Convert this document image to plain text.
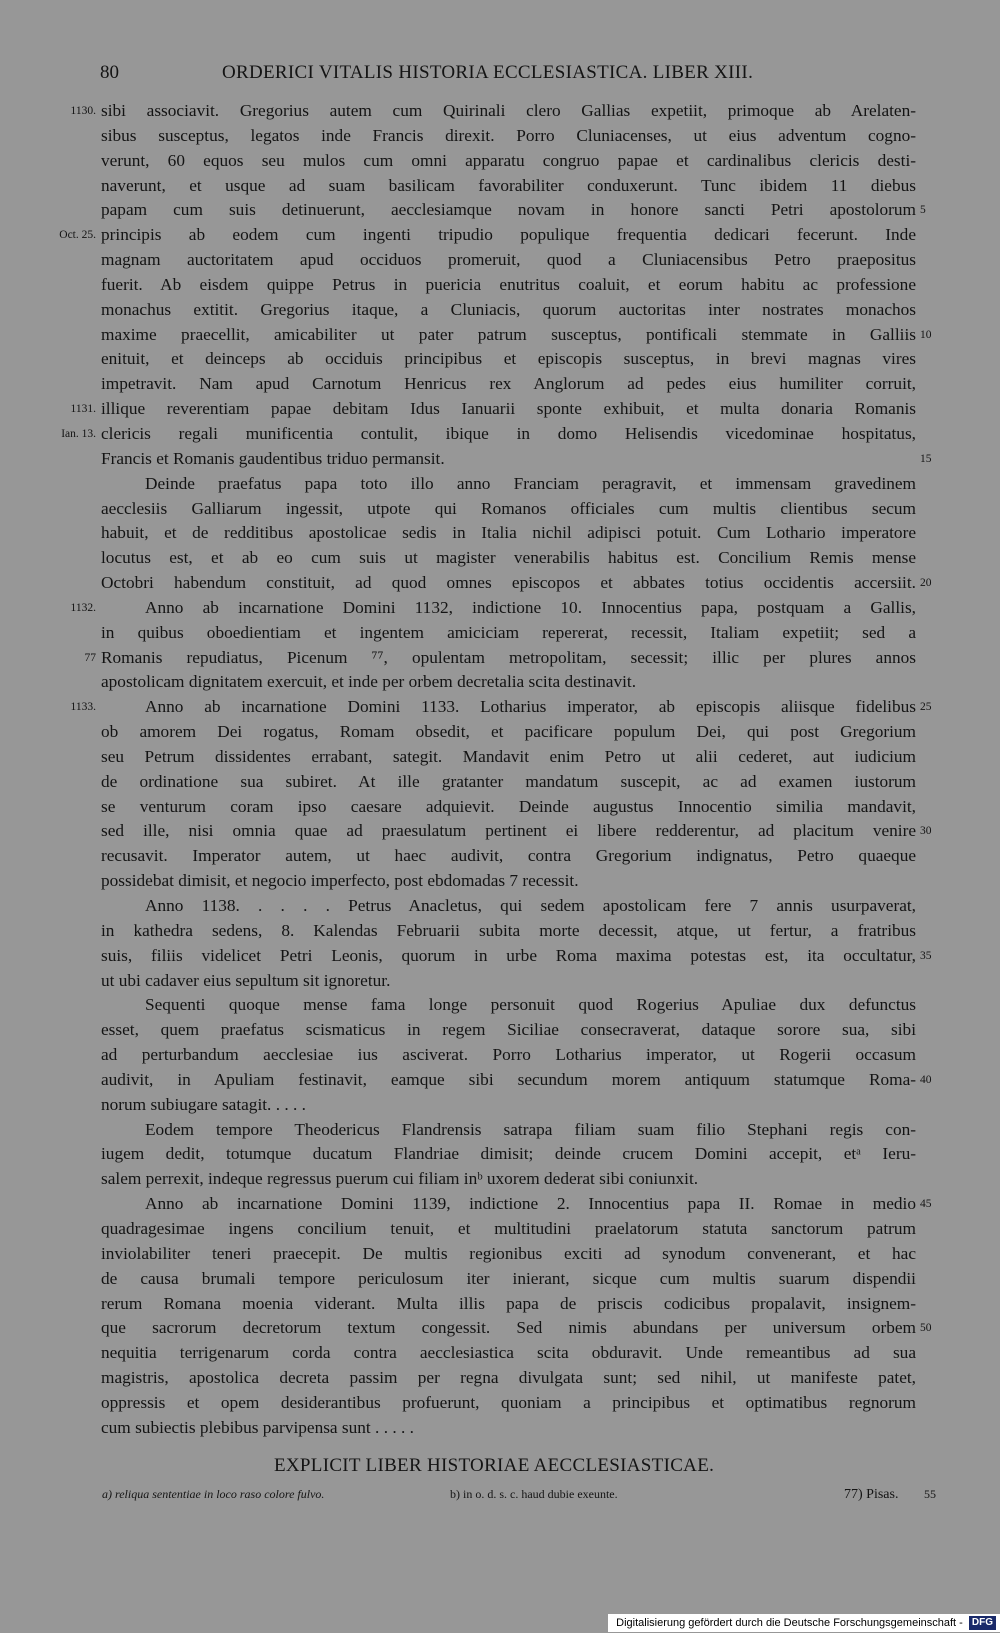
80	ORDERICI VITALIS HISTORIA ECCLESIASTICA. LIBER XIII.
1130. sibi associavit. Gregorius autem cum Quirinali clero Gallias expetiit, primoque ab Arelaten-
sibus susceptus, legatos inde Francis direxit. Porro Cluniacenses, ut eius adventum cogno-
verunt, 60 equos seu mulos cum omni apparatu congruo papae et cardinalibus clericis desti-
naverunt, et usque ad suam basilicam favorabiliter conduxerunt. Tunc ibidem 11 diebus
papam cum suis detinuerunt, aecclesiamque novam in honore sancti Petri apostolorum 5
Oct. 25. principis ab eodem cum ingenti tripudio populique frequentia dedicari fecerunt. Inde
magnam auctoritatem apud occiduos promeruit, quod a Cluniacensibus Petro praepositus
fuerit. Ab eisdem quippe Petrus in puericia enutritus coaluit, et eorum habitu ac professione
monachus extitit. Gregorius itaque, a Cluniacis, quorum auctoritas inter nostrates monachos
maxime praecellit, amicabiliter ut pater patrum susceptus, pontificali stemmate in Galliis 10
enituit, et deinceps ab occiduis principibus et episcopis susceptus, in brevi magnas vires
impetravit. Nam apud Carnotum Henricus rex Anglorum ad pedes eius humiliter corruit,
1131. illique reverentiam papae debitam Idus Ianuarii sponte exhibuit, et multa donaria Romanis
Ian. 13. clericis regali munificentia contulit, ibique in domo Helisendis vicedominae hospitatus,
Francis et Romanis gaudentibus triduo permansit.	15
Deinde praefatus papa toto illo anno Franciam peragravit, et immensam gravedinem
aecclesiis Galliarum ingessit, utpote qui Romanos officiales cum multis clientibus secum
habuit, et de redditibus apostolicae sedis in Italia nichil adipisci potuit. Cum Lothario imperatore
locutus est, et ab eo cum suis ut magister venerabilis habitus est. Concilium Remis mense
Octobri habendum constituit, ad quod omnes episcopos et abbates totius occidentis accersiit. 20
1132.	Anno ab incarnatione Domini 1132, indictione 10. Innocentius papa, postquam a Gallis,
in quibus oboedientiam et ingentem amiciciam repererat, recessit, Italiam expetiit; sed a
77 Romanis repudiatus, Picenum ⁷⁷, opulentam metropolitam, secessit; illic per plures annos
apostolicam dignitatem exercuit, et inde per orbem decretalia scita destinavit.
1133.	Anno ab incarnatione Domini 1133. Lotharius imperator, ab episcopis aliisque fidelibus 25
ob amorem Dei rogatus, Romam obsedit, et pacificare populum Dei, qui post Gregorium
seu Petrum dissidentes errabant, sategit. Mandavit enim Petro ut alii cederet, aut iudicium
de ordinatione sua subiret. At ille gratanter mandatum suscepit, ac ad examen iustorum
se venturum coram ipso caesare adquievit. Deinde augustus Innocentio similia mandavit,
sed ille, nisi omnia quae ad praesulatum pertinent ei libere redderentur, ad placitum venire 30
recusavit. Imperator autem, ut haec audivit, contra Gregorium indignatus, Petro quaeque
possidebat dimisit, et negocio imperfecto, post ebdomadas 7 recessit.
Anno 1138. . . . . Petrus Anacletus, qui sedem apostolicam fere 7 annis usurpaverat,
in kathedra sedens, 8. Kalendas Februarii subita morte decessit, atque, ut fertur, a fratribus
suis, filiis videlicet Petri Leonis, quorum in urbe Roma maxima potestas est, ita occultatur, 35
ut ubi cadaver eius sepultum sit ignoretur.
Sequenti quoque mense fama longe personuit quod Rogerius Apuliae dux defunctus
esset, quem praefatus scismaticus in regem Siciliae consecraverat, dataque sorore sua, sibi
ad perturbandum aecclesiae ius asciverat. Porro Lotharius imperator, ut Rogerii occasum
audivit, in Apuliam festinavit, eamque sibi secundum morem antiquum statumque Roma- 40
norum subiugare satagit. . . . .
Eodem tempore Theodericus Flandrensis satrapa filiam suam filio Stephani regis con-
iugem dedit, totumque ducatum Flandriae dimisit; deinde crucem Domini accepit, etᵃ Ieru-
salem perrexit, indeque regressus puerum cui filiam inᵇ uxorem dederat sibi coniunxit.
Anno ab incarnatione Domini 1139, indictione 2. Innocentius papa II. Romae in medio 45
quadragesimae ingens concilium tenuit, et multitudini praelatorum statuta sanctorum patrum
inviolabiliter teneri praecepit. De multis regionibus exciti ad synodum convenerant, et hac
de causa brumali tempore periculosum iter inierant, sicque cum multis suarum dispendii
rerum Romana moenia viderant. Multa illis papa de priscis codicibus propalavit, insignem-
que sacrorum decretorum textum congessit. Sed nimis abundans per universum orbem 50
nequitia terrigenarum corda contra aecclesiastica scita obduravit. Unde remeantibus ad sua
magistris, apostolica decreta passim per regna divulgata sunt; sed nihil, ut manifeste patet,
oppressis et opem desiderantibus profuerunt, quoniam a principibus et optimatibus regnorum
cum subiectis plebibus parvipensa sunt . . . . .
EXPLICIT LIBER HISTORIAE AECCLESIASTICAE.
a) reliqua sententiae in loco raso colore fulvo.	b) in o. d. s. c. haud dubie exeunte.	77) Pisas. 55
Digitalisierung gefördert durch die Deutsche Forschungsgemeinschaft - DFG
